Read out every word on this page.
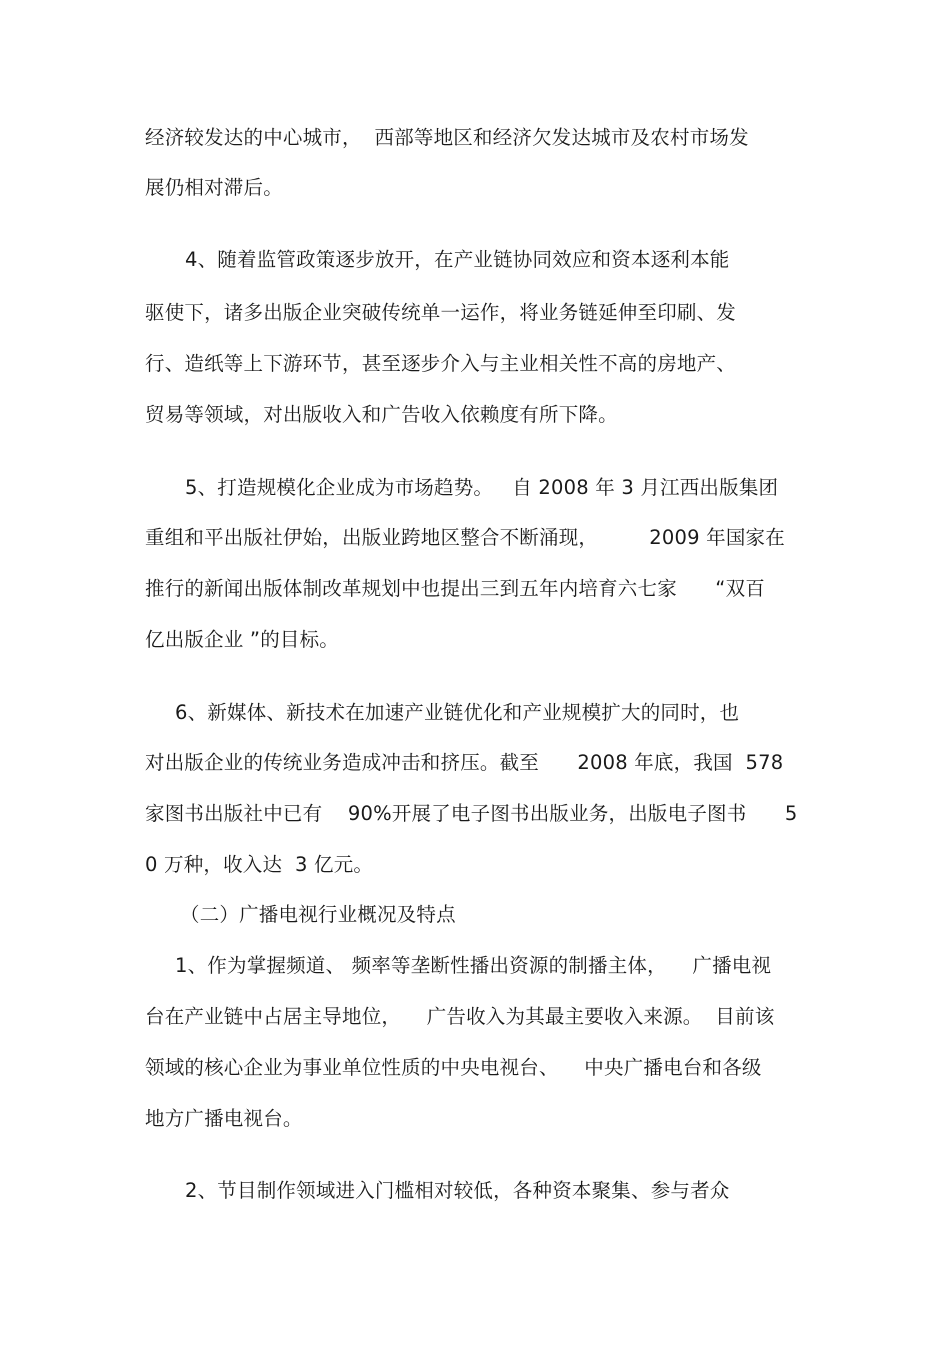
经济较发达的中心城市，  西部等地区和经济欠发达城市及农村市场发
展仍相对滞后。
4、随着监管政策逐步放开，在产业链协同效应和资本逐利本能
驱使下，诸多出版企业突破传统单一运作，将业务链延伸至印刷、发
行、造纸等上下游环节，甚至逐步介入与主业相关性不高的房地产、
贸易等领域，对出版收入和广告收入依赖度有所下降。
5、打造规模化企业成为市场趋势。   自 2008 年 3 月江西出版集团
重组和平出版社伊始，出版业跨地区整合不断涌现，        2009 年国家在
推行的新闻出版体制改革规划中也提出三到五年内培育六七家      “双百
亿出版企业 ”的目标。
6、新媒体、新技术在加速产业链优化和产业规模扩大的同时，也
对出版企业的传统业务造成冲击和挤压。截至      2008 年底，我国  578
家图书出版社中已有    90%开展了电子图书出版业务，出版电子图书      5
0 万种，收入达  3 亿元。
（二）广播电视行业概况及特点
1、作为掌握频道、 频率等垄断性播出资源的制播主体，    广播电视
台在产业链中占居主导地位，    广告收入为其最主要收入来源。  目前该
领域的核心企业为事业单位性质的中央电视台、    中央广播电台和各级
地方广播电视台。
2、节目制作领域进入门槛相对较低，各种资本聚集、参与者众
